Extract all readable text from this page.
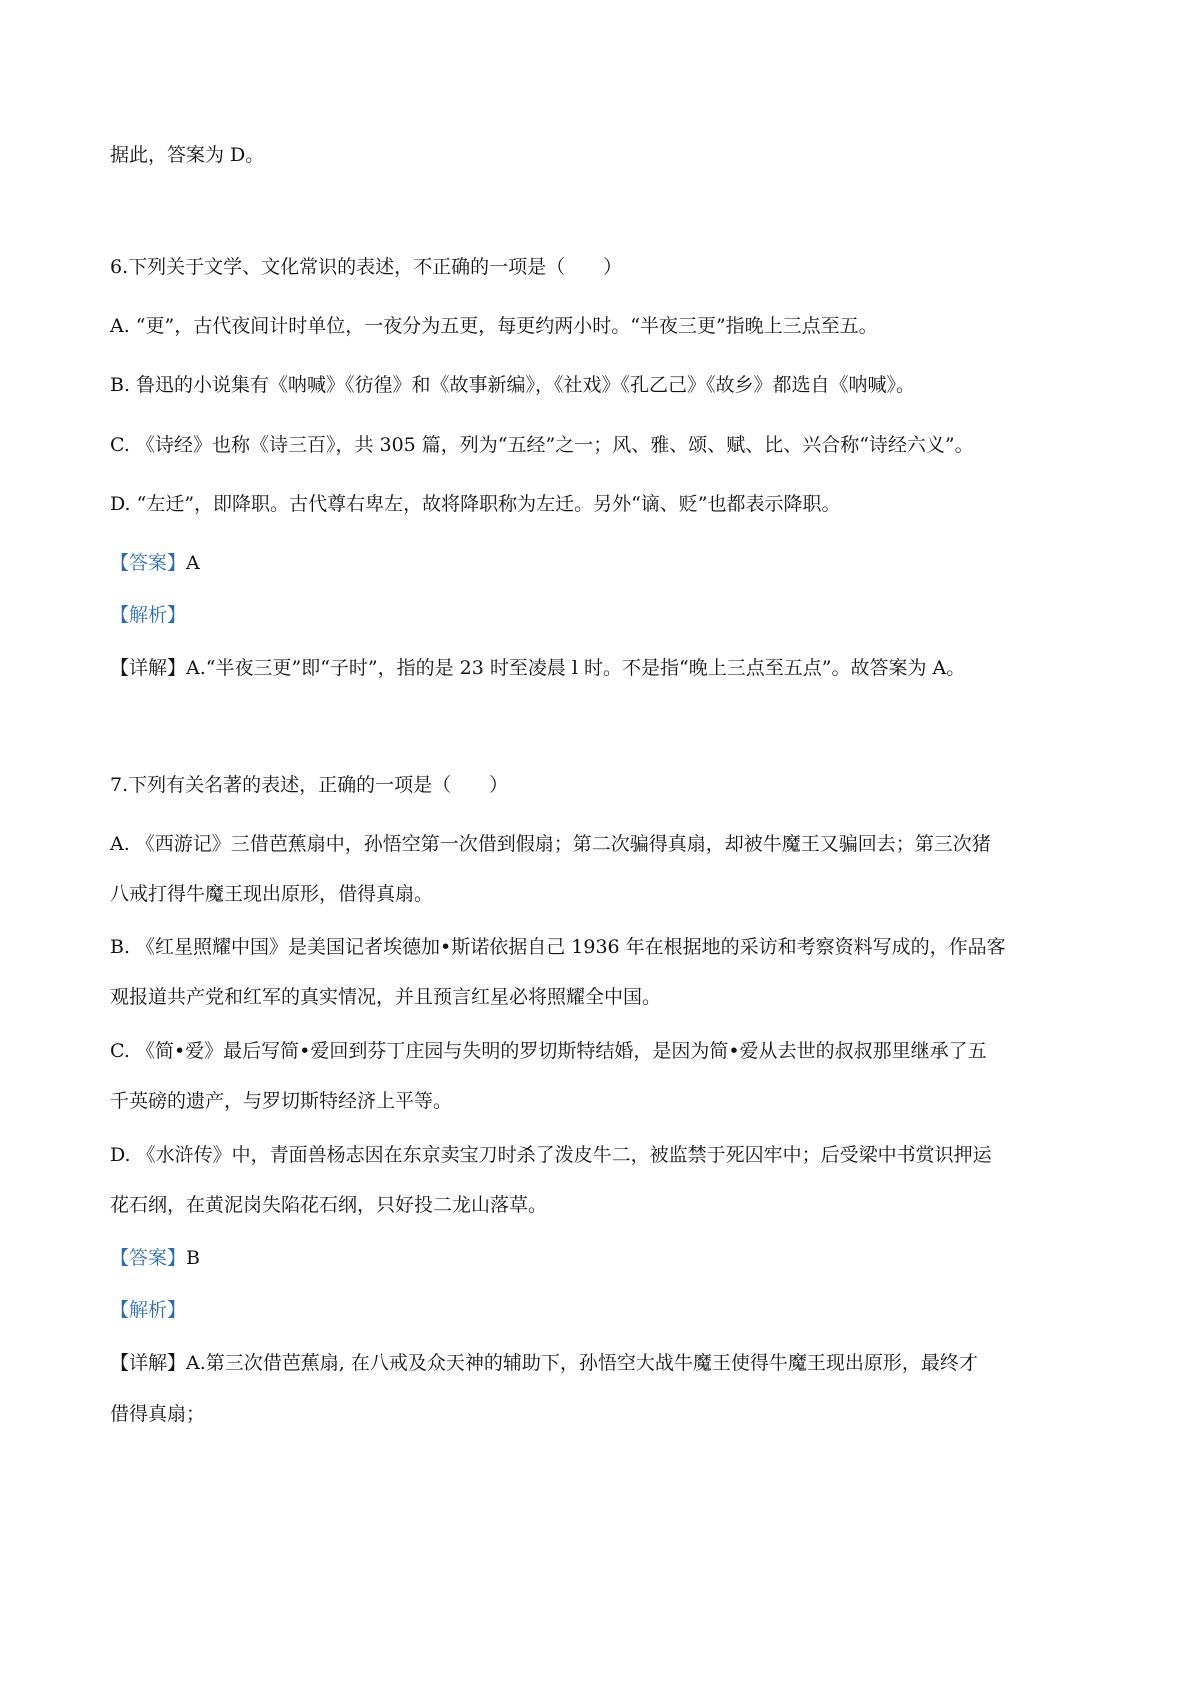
据此，答案为 D。
6.下列关于文学、文化常识的表述，不正确的一项是（　　）
A. “更”，古代夜间计时单位，一夜分为五更，每更约两小时。“半夜三更”指晚上三点至五。
B. 鲁迅的小说集有《呐喊》《彷徨》和《故事新编》，《社戏》《孔乙己》《故乡》都选自《呐喊》。
C. 《诗经》也称《诗三百》，共 305 篇，列为“五经”之一；风、雅、颂、赋、比、兴合称“诗经六义”。
D. “左迁”，即降职。古代尊右卑左，故将降职称为左迁。另外“谪、贬”也都表示降职。
【答案】A
【解析】
【详解】A.“半夜三更”即“子时”，指的是 23 时至凌晨 l 时。不是指“晚上三点至五点”。故答案为 A。
7.下列有关名著的表述，正确的一项是（　　）
A. 《西游记》三借芭蕉扇中，孙悟空第一次借到假扇；第二次骗得真扇，却被牛魔王又骗回去；第三次猪
八戒打得牛魔王现出原形，借得真扇。
B. 《红星照耀中国》是美国记者埃德加•斯诺依据自己 1936 年在根据地的采访和考察资料写成的，作品客
观报道共产党和红军的真实情况，并且预言红星必将照耀全中国。
C. 《简•爱》最后写简•爱回到芬丁庄园与失明的罗切斯特结婚，是因为简•爱从去世的叔叔那里继承了五
千英磅的遗产，与罗切斯特经济上平等。
D. 《水浒传》中，青面兽杨志因在东京卖宝刀时杀了泼皮牛二，被监禁于死囚牢中；后受梁中书赏识押运
花石纲，在黄泥岗失陷花石纲，只好投二龙山落草。
【答案】B
【解析】
【详解】A.第三次借芭蕉扇, 在八戒及众天神的辅助下，孙悟空大战牛魔王使得牛魔王现出原形，最终才
借得真扇；
